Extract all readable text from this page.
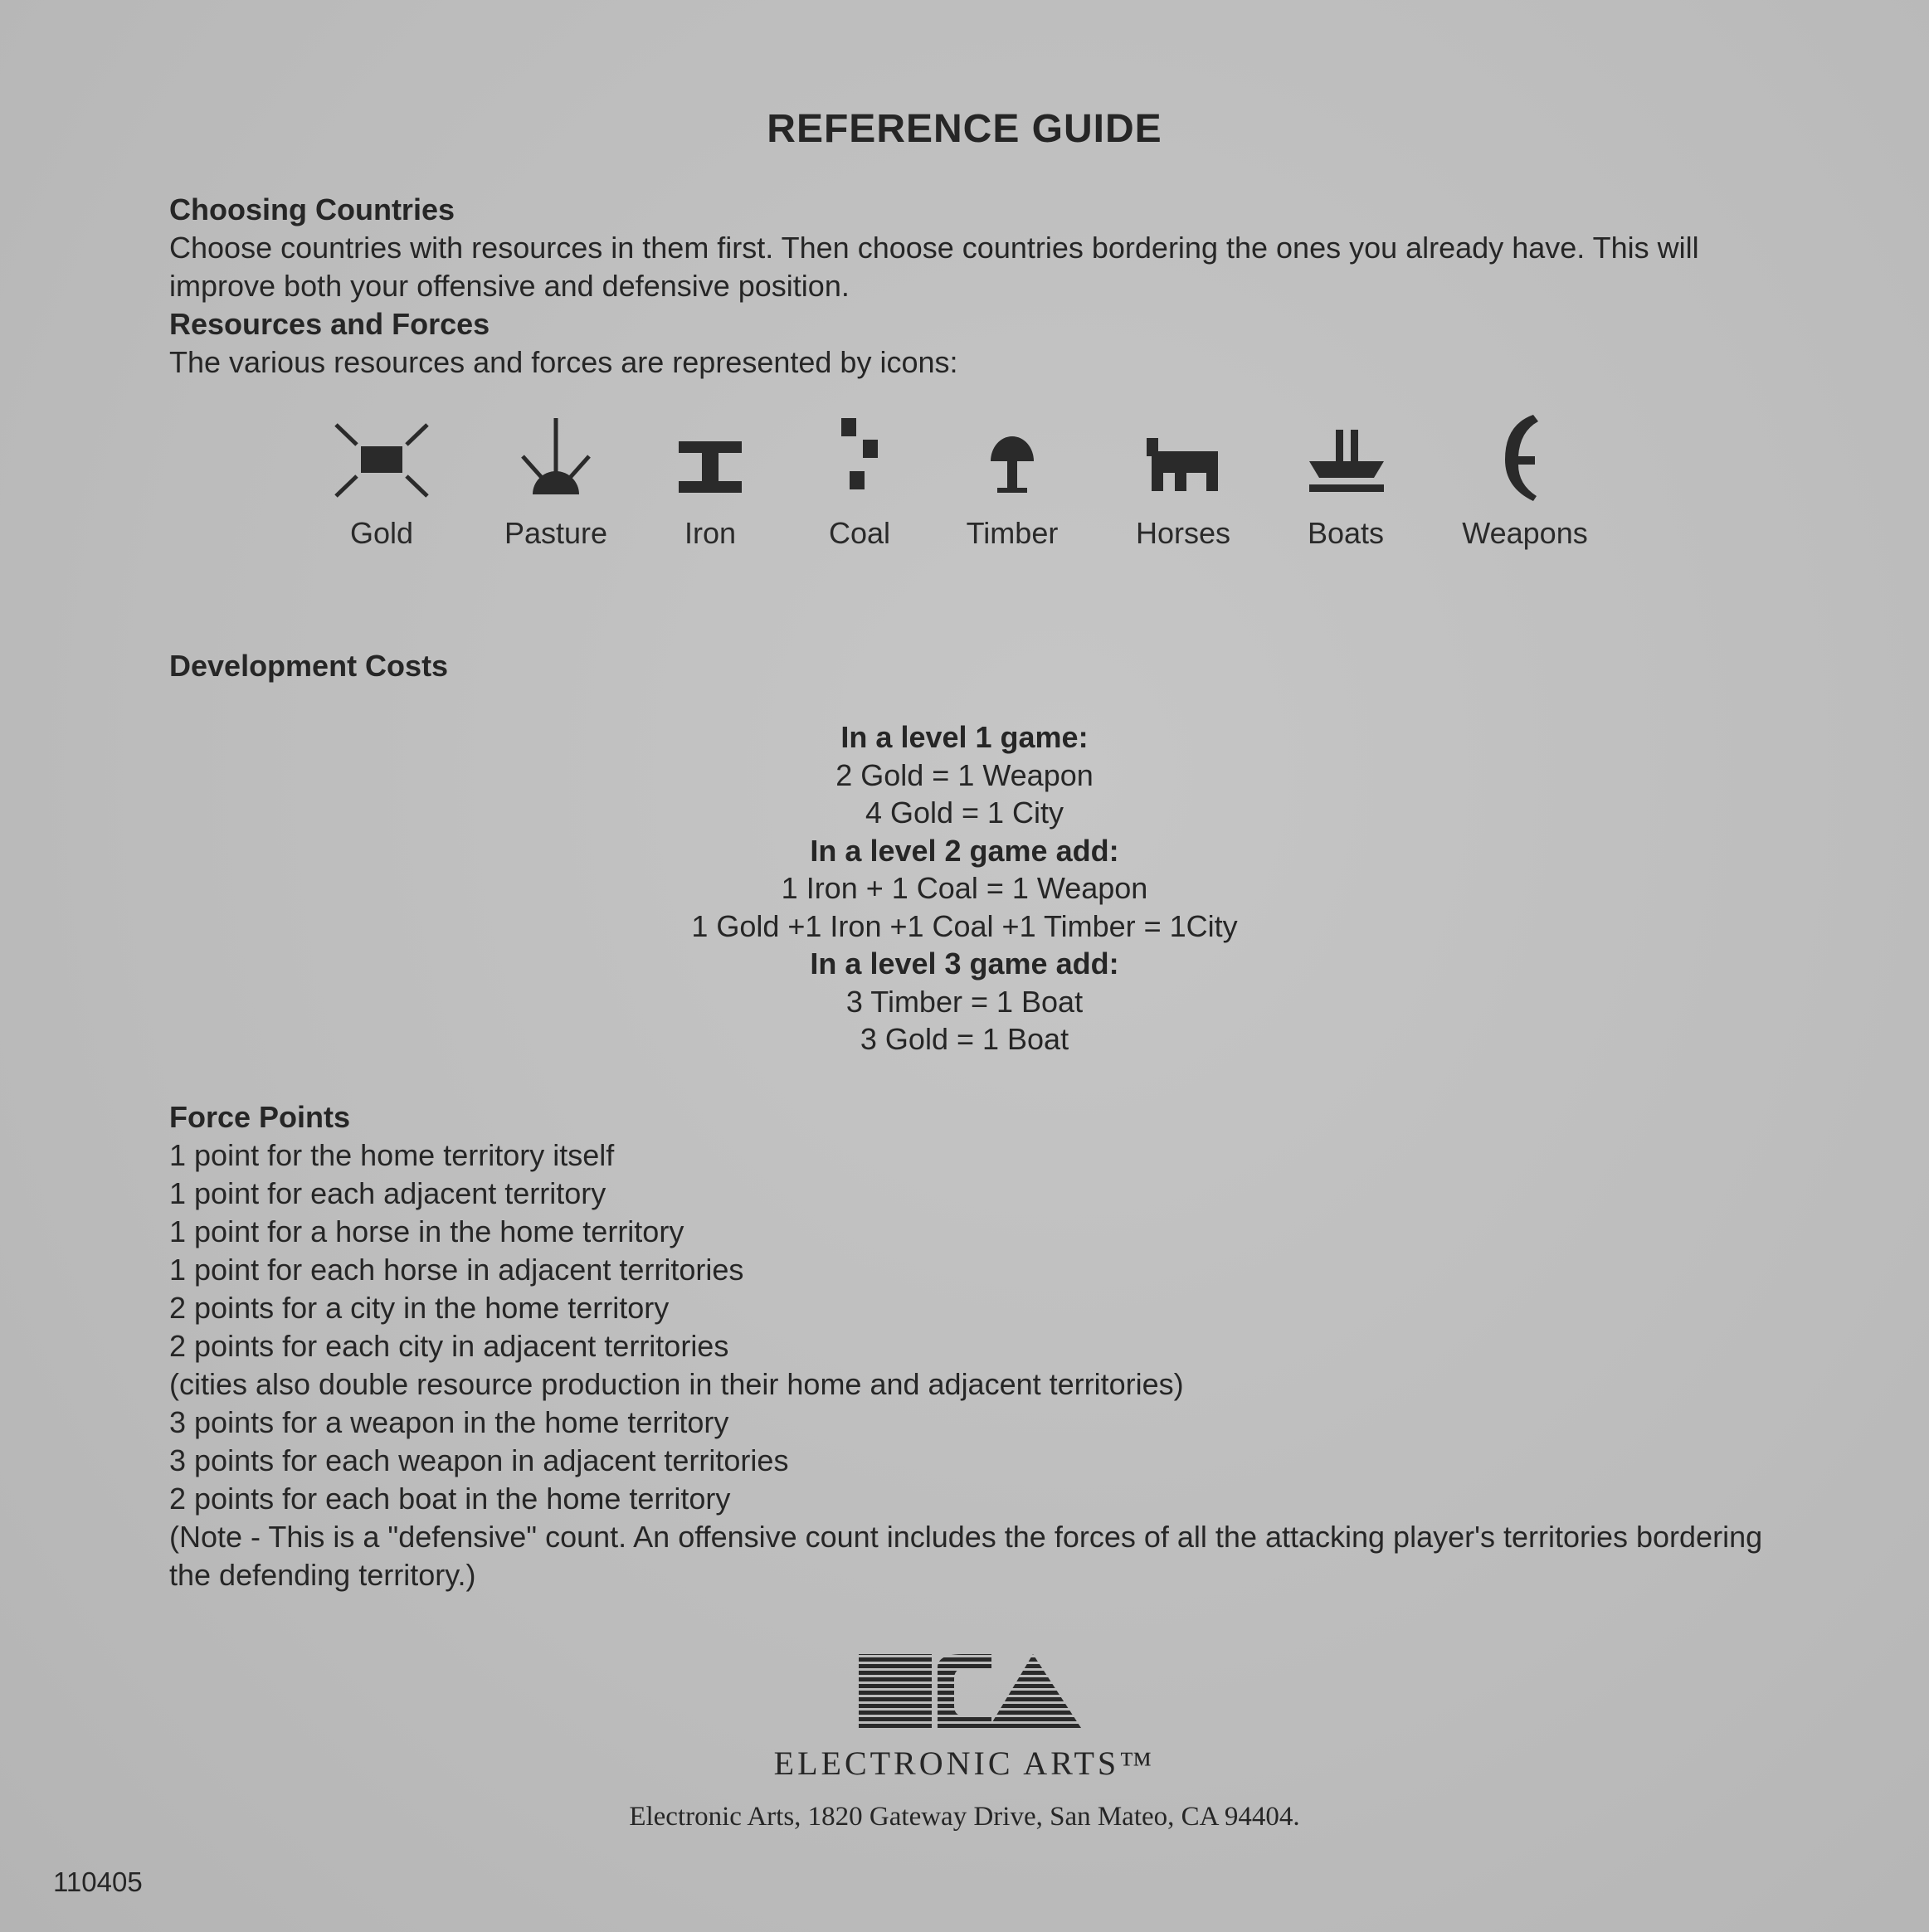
REFERENCE GUIDE
Choosing Countries

Choose countries with resources in them first. Then choose countries bordering the ones you already have. This will improve both your offensive and defensive position.

Resources and Forces

The various resources and forces are represented by icons:

Gold	Pasture	Iron	Coal	Timber	Horses	Boats	Weapons
Development Costs
In a level 1 game:
2 Gold = 1 Weapon
4 Gold = 1 City
In a level 2 game add:
1 Iron + 1 Coal = 1 Weapon
1 Gold +1 Iron +1 Coal +1 Timber = 1City
In a level 3 game add:
3 Timber = 1 Boat
3 Gold = 1 Boat
Force Points
1 point for the home territory itself
1 point for each adjacent territory
1 point for a horse in the home territory
1 point for each horse in adjacent territories
2 points for a city in the home territory
2 points for each city in adjacent territories
(cities also double resource production in their home and adjacent territories)
3 points for a weapon in the home territory
3 points for each weapon in adjacent territories
2 points for each boat in the home territory
(Note - This is a "defensive" count. An offensive count includes the forces of all the attacking player's territories bordering the defending territory.)
ELECTRONIC ARTS™
Electronic Arts, 1820 Gateway Drive, San Mateo, CA 94404.
110405
